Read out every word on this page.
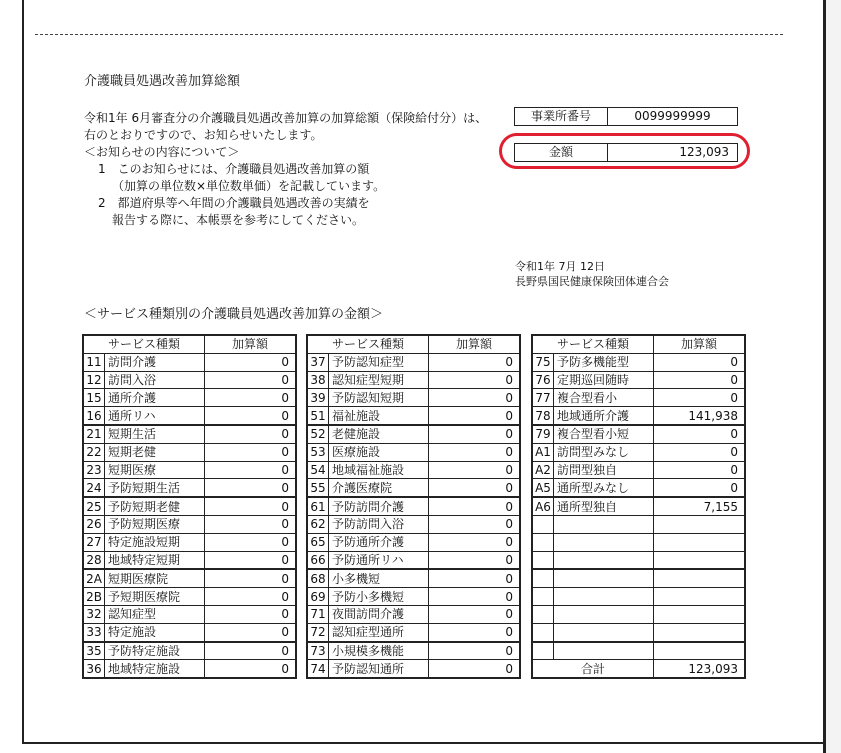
介護職員処遇改善加算総額
令和1年 6月審査分の介護職員処遇改善加算の加算総額（保険給付分）は、
右のとおりですので、お知らせいたします。
＜お知らせの内容について＞
1　このお知らせには、介護職員処遇改善加算の額
（加算の単位数×単位数単価）を記載しています。
2　都道府県等へ年間の介護職員処遇改善の実績を
報告する際に、本帳票を参考にしてください。
事業所番号	0099999999
金額	123,093
令和1年 7月 12日
長野県国民健康保険団体連合会
＜サービス種類別の介護職員処遇改善加算の金額＞
サービス種類		加算額
11	訪問介護	0
12	訪問入浴	0
15	通所介護	0
16	通所リハ	0
21	短期生活	0
22	短期老健	0
23	短期医療	0
24	予防短期生活	0
25	予防短期老健	0
26	予防短期医療	0
27	特定施設短期	0
28	地域特定短期	0
2A	短期医療院	0
2B	予短期医療院	0
32	認知症型	0
33	特定施設	0
35	予防特定施設	0
36	地域特定施設	0
サービス種類		加算額
37	予防認知症型	0
38	認知症型短期	0
39	予防認知短期	0
51	福祉施設	0
52	老健施設	0
53	医療施設	0
54	地域福祉施設	0
55	介護医療院	0
61	予防訪問介護	0
62	予防訪問入浴	0
65	予防通所介護	0
66	予防通所リハ	0
68	小多機短	0
69	予防小多機短	0
71	夜間訪問介護	0
72	認知症型通所	0
73	小規模多機能	0
74	予防認知通所	0
サービス種類		加算額
75	予防多機能型	0
76	定期巡回随時	0
77	複合型看小	0
78	地域通所介護	141,938
79	複合型看小短	0
A1	訪問型みなし	0
A2	訪問型独自	0
A5	通所型みなし	0
A6	通所型独自	7,155

合計		123,093
